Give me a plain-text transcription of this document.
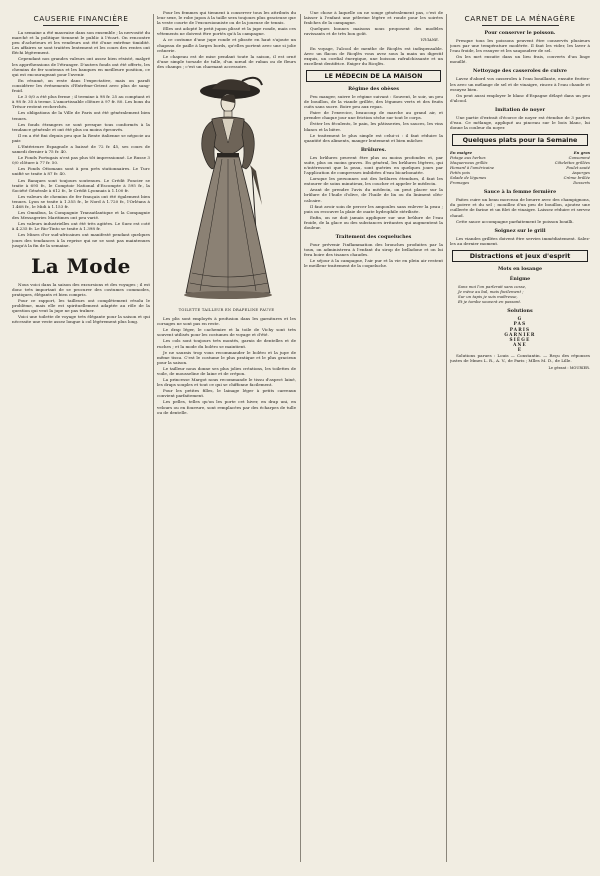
CAUSERIE FINANCIÈRE

La semaine a été mauvaise dans son ensemble ; la nervosité du marché et la politique tiennent le public à l'écart. On rencontre peu d'acheteurs et les vendeurs ont été d'une extrême timidité. Les affaires se sont traitées lentement et les cours des rentes ont fléchi légèrement.

Cependant nos grandes valeurs ont assez bien résisté, malgré les appréhensions de l'étranger. D'autres fonds ont été offerts, les chemins de fer soutenus et les banques en meilleure position, ce qui est encourageant pour l'avenir.

En résumé, on reste dans l'expectative, mais on paraît considérer les événements d'Extrême-Orient avec plus de sang-froid.

Le 3 0/0 a été plus ferme ; il termine à 98 fr. 25 au comptant et à 98 fr. 35 à terme. L'amortissable clôture à 97 fr. 80. Les bons du Trésor restent recherchés.

Les obligations de la Ville de Paris ont été généralement bien tenues.

Les fonds étrangers se sont presque tous conformés à la tendance générale et ont été plus ou moins éprouvés.

Il en a été fini depuis peu que la Rente italienne se négocie au pair.

L'Extérieure Espagnole a baissé de 72 fr. 45, ses cours de samedi dernier à 75 fr. 40.

Le Fonds Portugais n'est pas plus tôt impressionné. Le Russe 3 0/0 clôture à 77 fr. 50.

Les Fonds Ottomans sont à peu près stationnaires. Le Turc unifié se traite à 87 fr. 40.

Les Banques sont toujours soutenues. Le Crédit Foncier se traite à 695 fr., le Comptoir National d'Escompte à 595 fr., la Société Générale à 612 fr., le Crédit Lyonnais à 1.100 fr.

Les valeurs de chemins de fer français ont été également bien tenues. Lyon se traite à 1.355 fr., le Nord à 1.720 fr., l'Orléans à 1.468 fr., le Midi à 1.153 fr.

Les Omnibus, la Compagnie Transatlantique et la Compagnie des Messageries Maritimes ont peu varié.

Les valeurs industrielles ont été très agitées. Le Suez est coté à 4.235 fr. Le Rio-Tinto se traite à 1.398 fr.

Les Mines d'or sud-africaines ont manifesté pendant quelques jours des tendances à la reprise qui ne se sont pas maintenues jusqu'à la fin de la semaine.

La Mode

Nous voici dans la saison des excursions et des voyages ; il est donc très important de se procurer des costumes commodes, pratiques, élégants et bien compris.

Pour ce rapport, les tailleurs ont complètement résolu le problème, mais elle est spirituellement adaptée au rôle de la question qui veut la jupe ne pas traîner.

Voici une toilette de voyage très élégante pour la saison et qui nécessite une veste assez longue à col légèrement plus long.

Pour les femmes qui tiennent à conserver tous les attributs du leur sexe, le robe jupon à la taille sera toujours plus gracieuse que la veste courte de l'excursionniste ou de la joueuse de tennis.

Elles ont adopté le petit jupon plissé et la jupe ronde, mais ces vêtements ne doivent être portés qu'à la campagne.

A ce costume d'une jupe ronde et plissée en haut s'ajoute un chapeau de paille à larges bords, qu'elles portent avec une si jolie crânerie.

Le chapeau est de mise pendant toute la saison, il est orné d'une simple torsade de tulle, d'un nœud de ruban ou de fleurs des champs ; c'est un charmant accessoire.

TOILETTE TAILLEUR EN DRAPELINE FAUVE

Les plis sont employés à profusion dans les garnitures et les corsages ne sont pas en reste.

Le drap léger, le cachemire et la toile de Vichy sont très souvent utilisés pour les costumes de voyage et d'été.

Les cols sont toujours très montés, garnis de dentelles et de ruches ; et la mode du boléro se maintient.

Je ne saurais trop vous recommander le boléro et la jupe de même tissu. C'est le costume le plus pratique et le plus gracieux pour la saison.

Le tailleur nous donne ses plus jolies créations, les toilettes de voile, de mousseline de laine et de crépon.

La princesse Margot nous recommande le tissu d'aspect lainé, les draps souples et tout ce qui se chiffonne facilement.

Pour les petites filles, le lainage léger à petits carreaux convient parfaitement.

Les pelles, telles qu'on les porte cet hiver, en drap uni, en velours ou en fourrure, sont remplacées par des écharpes de tulle ou de dentelle.

Une chose à laquelle on ne songe généralement pas, c'est de laisser à l'enfant une pèlerine légère et ronde pour les soirées fraîches de la campagne.

Quelques bonnes maisons nous proposent des modèles ravissants et de très bon goût.

VIVIANE.

En voyage, l'alcool de menthe de Ricqlès est indispensable. Avec un flacon de Ricqlès vous avez sous la main un digestif exquis, un cordial énergique, une boisson rafraîchissante et un excellent dentifrice. Exiger du Ricqlès.

LE MÉDECIN DE LA MAISON
Régime des obèses

Peu manger, suivre le régime suivant : Souvent, le soir, un peu de bouillon, de la viande grillée, des légumes verts et des fruits cuits sans sucre. Boire peu aux repas.

Faire de l'exercice, beaucoup de marche au grand air, et prendre chaque jour une friction sèche sur tout le corps.

Éviter les féculents, le pain, les pâtisseries, les sauces, les vins blancs et la bière.

Le traitement le plus simple est celui-ci : il faut réduire la quantité des aliments, manger lentement et bien mâcher.

Brûlures.

Les brûlures peuvent être plus ou moins profondes et, par suite, plus ou moins graves. En général, les brûlures légères, qui n'intéressent que la peau, sont guéries en quelques jours par l'application de compresses imbibées d'eau bicarbonatée.

Lorsque les personnes ont des brûlures étendues, il faut les entourer de soins minutieux, les coucher et appeler le médecin.

Avant de prendre l'avis du médecin, on peut placer sur la brûlure de l'huile d'olive, de l'huile de lin ou du liniment oléo-calcaire.

Il faut avoir soin de percer les ampoules sans enlever la peau ; puis on recouvre la plaie de ouate hydrophile stérilisée.

Enfin, on ne doit jamais appliquer sur une brûlure de l'eau froide, de la glace ou des substances irritantes qui augmentent la douleur.

Traitement des coqueluches

Pour prévenir l'inflammation des bronches produites par la toux, on administrera à l'enfant du sirop de belladone et on lui fera boire des tisanes chaudes.

Le séjour à la campagne, l'air pur et la vie en plein air restent le meilleur traitement de la coqueluche.

CARNET DE LA MÉNAGÈRE
Pour conserver le poisson.

Presque tous les poissons peuvent être conservés plusieurs jours par une température modérée. Il faut les vider, les laver à l'eau froide, les essuyer et les saupoudrer de sel.

On les met ensuite dans un lieu frais, couverts d'un linge mouillé.

Nettoyage des casseroles de cuivre

Lavez d'abord vos casseroles à l'eau bouillante, ensuite frottez-les avec un mélange de sel et de vinaigre, rincez à l'eau chaude et essuyez bien.

On peut aussi employer le blanc d'Espagne délayé dans un peu d'alcool.

Imitation de noyer

Une partie d'extrait d'écorce de noyer est étendue de 3 parties d'eau. Ce mélange, appliqué au pinceau sur le bois blanc, lui donne la couleur du noyer.

Quelques plats pour la Semaine
En maigre	En gras
Potage aux herbes	Consommé
Maquereaux grillés	Côtelettes grillées
Homard à l'américaine	Poulet sauté
Petits pois	Asperges
Salade de légumes	Crème brûlée
Fromages	Desserts
Sauce à la femme fermière

Faites cuire un beau morceau de beurre avec des champignons, du poivre et du sel ; mouillez d'un peu de bouillon, ajoutez une cuillerée de farine et un filet de vinaigre. Laissez réduire et servez chaud.

Cette sauce accompagne parfaitement le poisson bouilli.

Soignez sur le grill

Les viandes grillées doivent être servies immédiatement. Salez-les au dernier moment.

Distractions et jeux d'esprit
Mots en losange
Énigme
Sans moi l'on parlerait sans cesse,
Je mène au bal, mais facilement ;
Sur un tapis je suis maîtresse,
Et je tombe souvent en passant.
Solutions
G
PAS
PARIS
GARNIER
SIÈGE
ANE
E

Solutions parues : Louis — Constantin. — Reçu des réponses justes de Mmes L. R., A. V., de Paris ; Mlles M. D., de Lille.

Le gérant : MOURIER.
